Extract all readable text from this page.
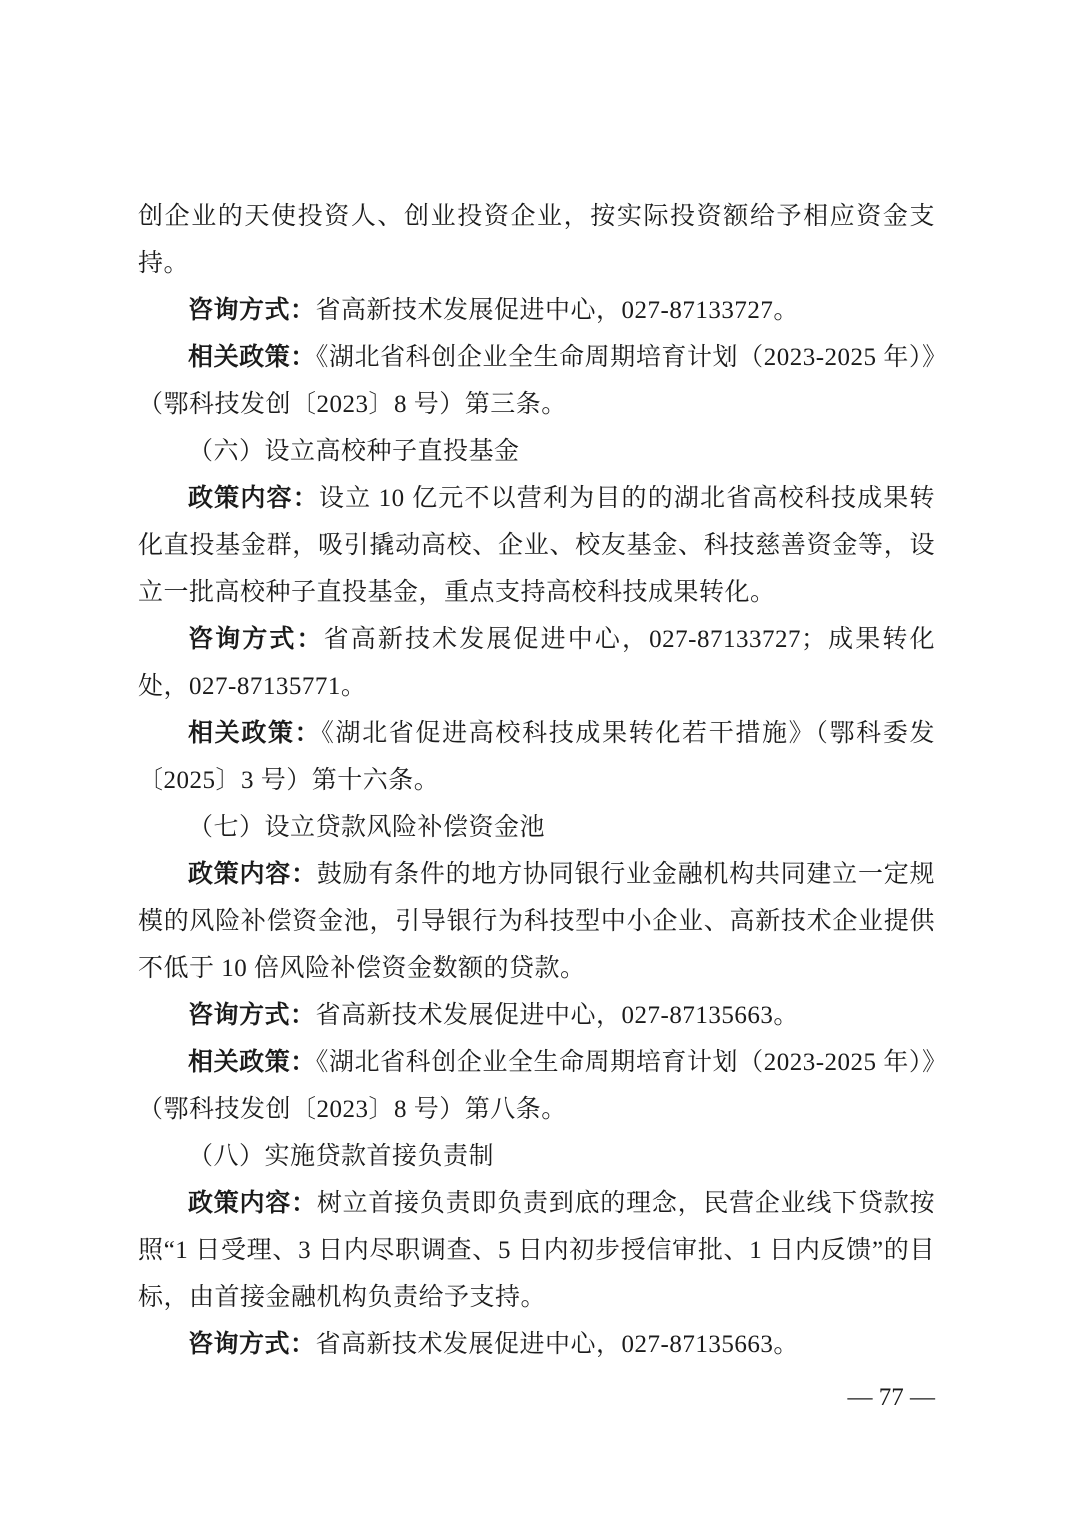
创企业的天使投资人、创业投资企业，按实际投资额给予相应资金支持。

咨询方式：省高新技术发展促进中心，027-87133727。

相关政策：《湖北省科创企业全生命周期培育计划（2023-2025 年）》（鄂科技发创〔2023〕8 号）第三条。

（六）设立高校种子直投基金

政策内容：设立 10 亿元不以营利为目的的湖北省高校科技成果转化直投基金群，吸引撬动高校、企业、校友基金、科技慈善资金等，设立一批高校种子直投基金，重点支持高校科技成果转化。

咨询方式：省高新技术发展促进中心，027-87133727；成果转化处，027-87135771。

相关政策：《湖北省促进高校科技成果转化若干措施》（鄂科委发〔2025〕3 号）第十六条。

（七）设立贷款风险补偿资金池

政策内容：鼓励有条件的地方协同银行业金融机构共同建立一定规模的风险补偿资金池，引导银行为科技型中小企业、高新技术企业提供不低于 10 倍风险补偿资金数额的贷款。

咨询方式：省高新技术发展促进中心，027-87135663。

相关政策：《湖北省科创企业全生命周期培育计划（2023-2025 年）》（鄂科技发创〔2023〕8 号）第八条。

（八）实施贷款首接负责制

政策内容：树立首接负责即负责到底的理念，民营企业线下贷款按照“1 日受理、3 日内尽职调查、5 日内初步授信审批、1 日内反馈”的目标，由首接金融机构负责给予支持。

咨询方式：省高新技术发展促进中心，027-87135663。

— 77 —
